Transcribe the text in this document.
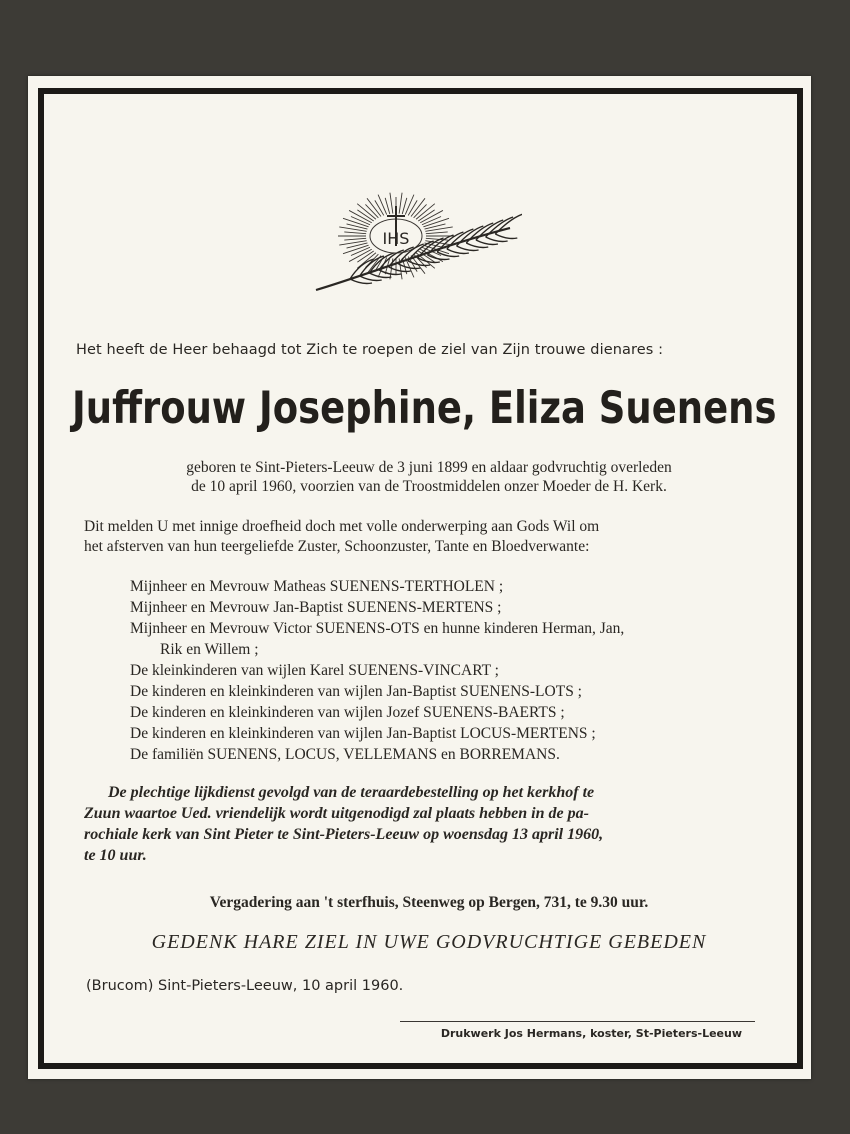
IHS
Het heeft de Heer behaagd tot Zich te roepen de ziel van Zijn trouwe dienares :
Juffrouw Josephine, Eliza Suenens
geboren te Sint-Pieters-Leeuw de 3 juni 1899 en aldaar godvruchtig overleden
de 10 april 1960, voorzien van de Troostmiddelen onzer Moeder de H. Kerk.
Dit melden U met innige droefheid doch met volle onderwerping aan Gods Wil om
het afsterven van hun teergeliefde Zuster, Schoonzuster, Tante en Bloedverwante:
Mijnheer en Mevrouw Matheas SUENENS-TERTHOLEN ;
Mijnheer en Mevrouw Jan-Baptist SUENENS-MERTENS ;
Mijnheer en Mevrouw Victor SUENENS-OTS en hunne kinderen Herman, Jan,
Rik en Willem ;
De kleinkinderen van wijlen Karel SUENENS-VINCART ;
De kinderen en kleinkinderen van wijlen Jan-Baptist SUENENS-LOTS ;
De kinderen en kleinkinderen van wijlen Jozef SUENENS-BAERTS ;
De kinderen en kleinkinderen van wijlen Jan-Baptist LOCUS-MERTENS ;
De familiën SUENENS, LOCUS, VELLEMANS en BORREMANS.
De plechtige lijkdienst gevolgd van de teraardebestelling op het kerkhof te
Zuun waartoe Ued. vriendelijk wordt uitgenodigd zal plaats hebben in de pa-
rochiale kerk van Sint Pieter te Sint-Pieters-Leeuw op woensdag 13 april 1960,
te 10 uur.
Vergadering aan 't sterfhuis, Steenweg op Bergen, 731, te 9.30 uur.
GEDENK HARE ZIEL IN UWE GODVRUCHTIGE GEBEDEN
(Brucom) Sint-Pieters-Leeuw, 10 april 1960.
Drukwerk Jos Hermans, koster, St-Pieters-Leeuw
